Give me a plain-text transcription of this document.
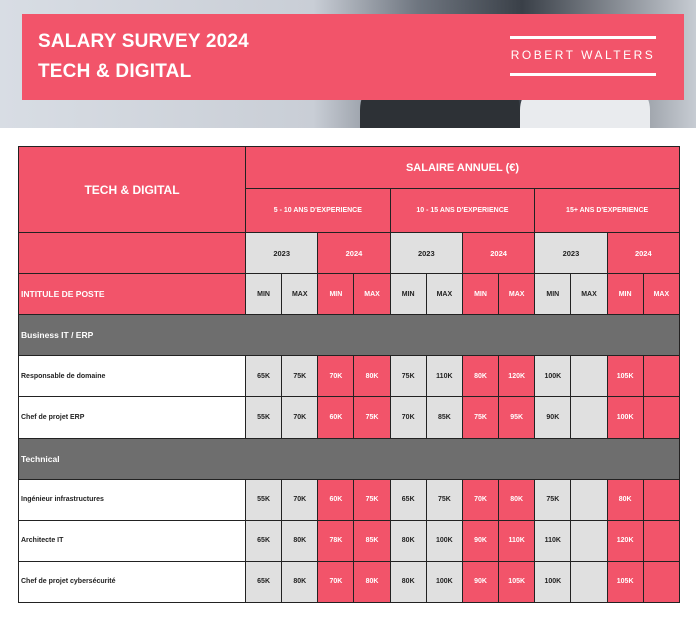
SALARY SURVEY 2024
TECH & DIGITAL
ROBERT WALTERS
TECH & DIGITAL	SALAIRE ANNUEL (€)											
	5 - 10 ANS D'EXPERIENCE				10 - 15 ANS D'EXPERIENCE				15+ ANS D'EXPERIENCE			
	2023		2024		2023		2024		2023		2024	
INTITULE DE POSTE	MIN	MAX	MIN	MAX	MIN	MAX	MIN	MAX	MIN	MAX	MIN	MAX
Business IT / ERP												
Responsable de domaine	65K	75K	70K	80K	75K	110K	80K	120K	100K		105K	
Chef de projet ERP	55K	70K	60K	75K	70K	85K	75K	95K	90K		100K	
Technical												
Ingénieur infrastructures	55K	70K	60K	75K	65K	75K	70K	80K	75K		80K	
Architecte IT	65K	80K	78K	85K	80K	100K	90K	110K	110K		120K	
Chef de projet cybersécurité	65K	80K	70K	80K	80K	100K	90K	105K	100K		105K	
